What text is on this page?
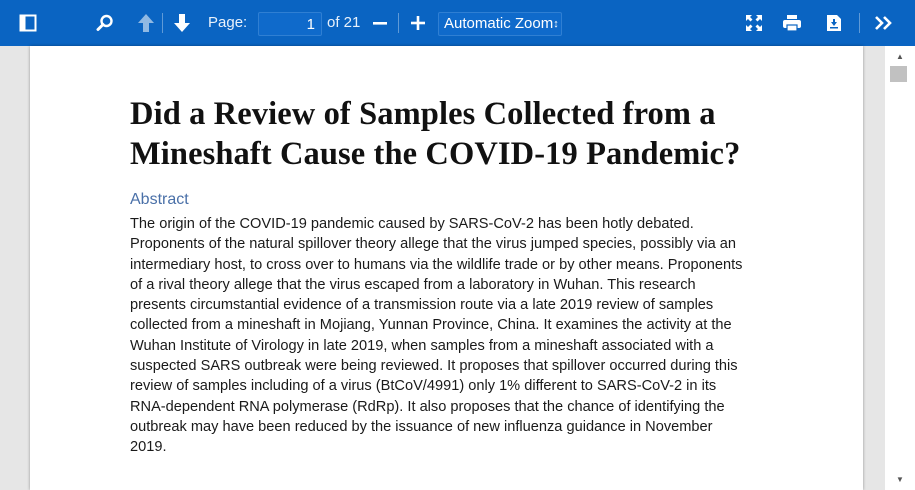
Page:
1	of 21	Automatic Zoom↕
Did a Review of Samples Collected from a Mineshaft Cause the COVID-19 Pandemic?
Abstract

The origin of the COVID-19 pandemic caused by SARS-CoV-2 has been hotly debated. Proponents of the natural spillover theory allege that the virus jumped species, possibly via an intermediary host, to cross over to humans via the wildlife trade or by other means. Proponents of a rival theory allege that the virus escaped from a laboratory in Wuhan. This research presents circumstantial evidence of a transmission route via a late 2019 review of samples collected from a mineshaft in Mojiang, Yunnan Province, China. It examines the activity at the Wuhan Institute of Virology in late 2019, when samples from a mineshaft associated with a suspected SARS outbreak were being reviewed. It proposes that spillover occurred during this review of samples including of a virus (BtCoV/4991) only 1% different to SARS-CoV-2 in its RNA-dependent RNA polymerase (RdRp). It also proposes that the chance of identifying the outbreak may have been reduced by the issuance of new influenza guidance in November 2019.

▲
▼
